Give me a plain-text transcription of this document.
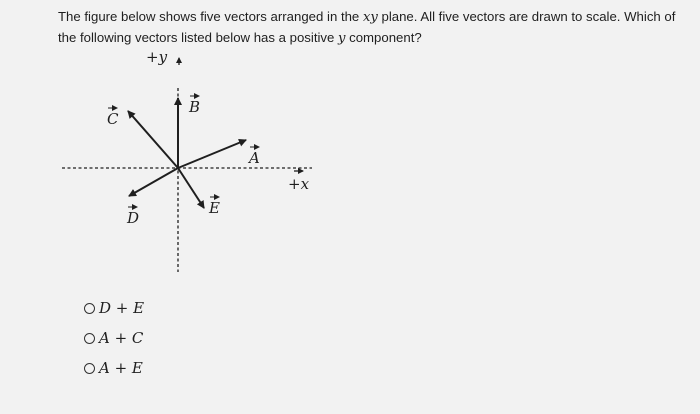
The figure below shows five vectors arranged in the xy plane. All five vectors are drawn to scale. Which of the following vectors listed below has a positive y component?
+y
+x
A
B
C
D
E
D + E
A + C
A + E
